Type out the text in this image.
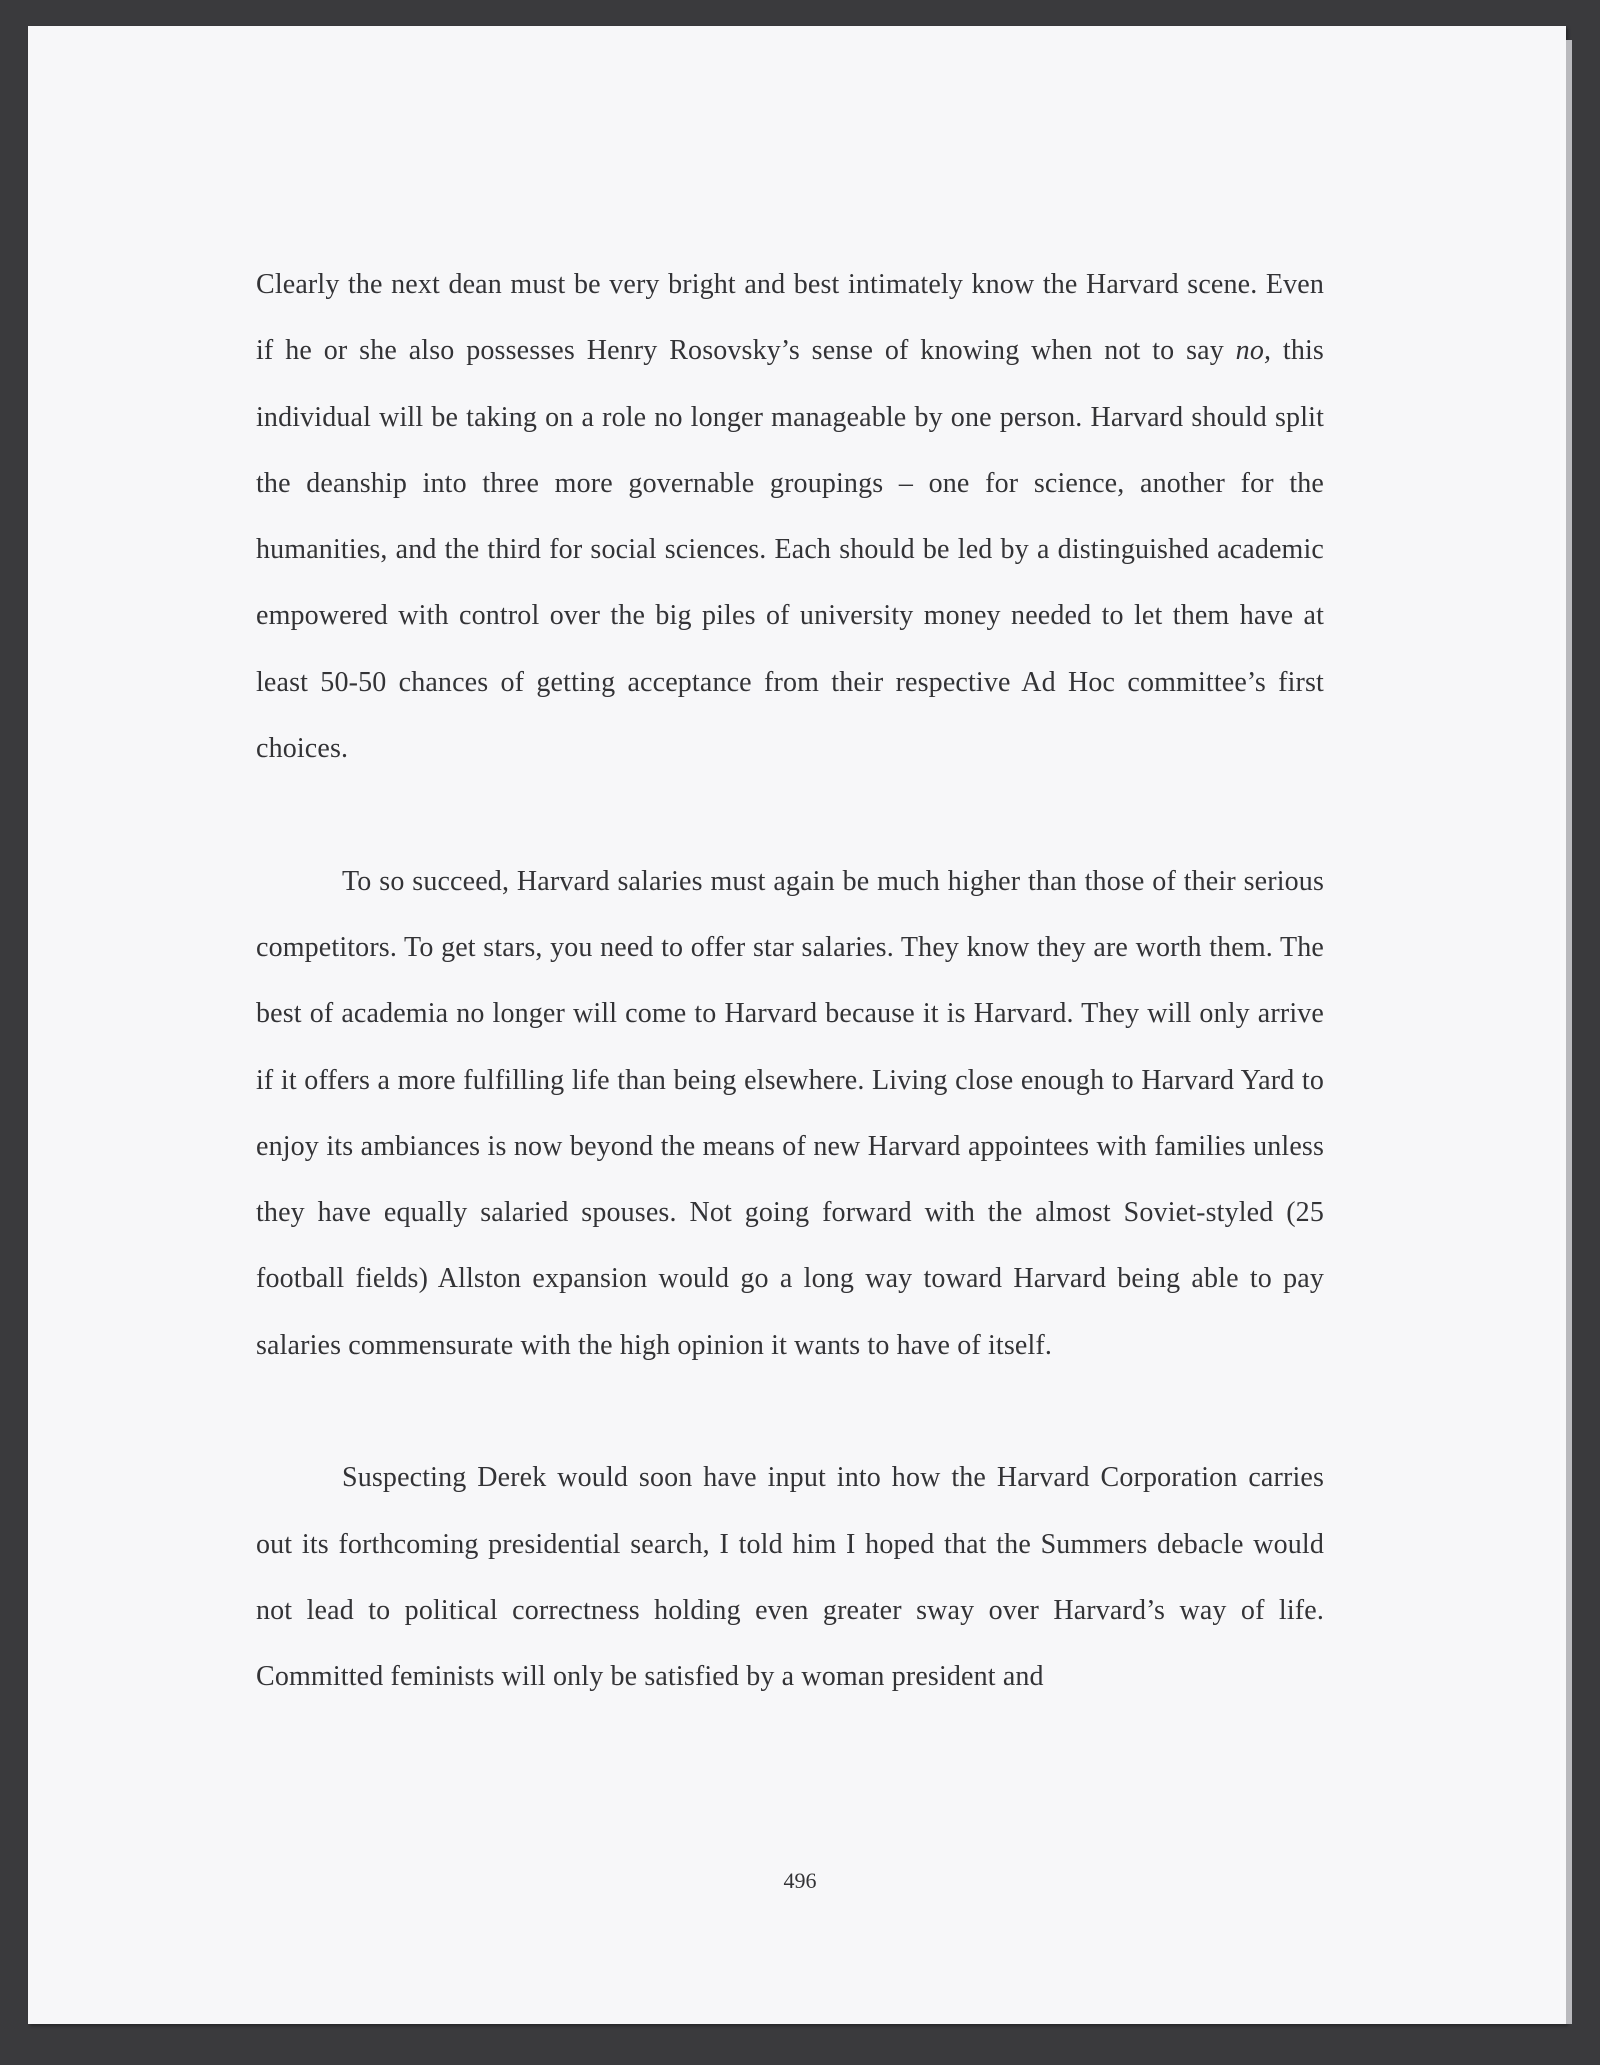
Clearly the next dean must be very bright and best intimately know the Harvard scene. Even if he or she also possesses Henry Rosovsky’s sense of knowing when not to say no, this individual will be taking on a role no longer manageable by one person. Harvard should split the deanship into three more governable groupings – one for science, another for the humanities, and the third for social sciences. Each should be led by a distinguished academic empowered with control over the big piles of university money needed to let them have at least 50-50 chances of getting acceptance from their respective Ad Hoc committee’s first choices.

To so succeed, Harvard salaries must again be much higher than those of their serious competitors. To get stars, you need to offer star salaries. They know they are worth them. The best of academia no longer will come to Harvard because it is Harvard. They will only arrive if it offers a more fulfilling life than being elsewhere. Living close enough to Harvard Yard to enjoy its ambiances is now beyond the means of new Harvard appointees with families unless they have equally salaried spouses. Not going forward with the almost Soviet-styled (25 football fields) Allston expansion would go a long way toward Harvard being able to pay salaries commensurate with the high opinion it wants to have of itself.

Suspecting Derek would soon have input into how the Harvard Corporation carries out its forthcoming presidential search, I told him I hoped that the Summers debacle would not lead to political correctness holding even greater sway over Harvard’s way of life. Committed feminists will only be satisfied by a woman president and

496
